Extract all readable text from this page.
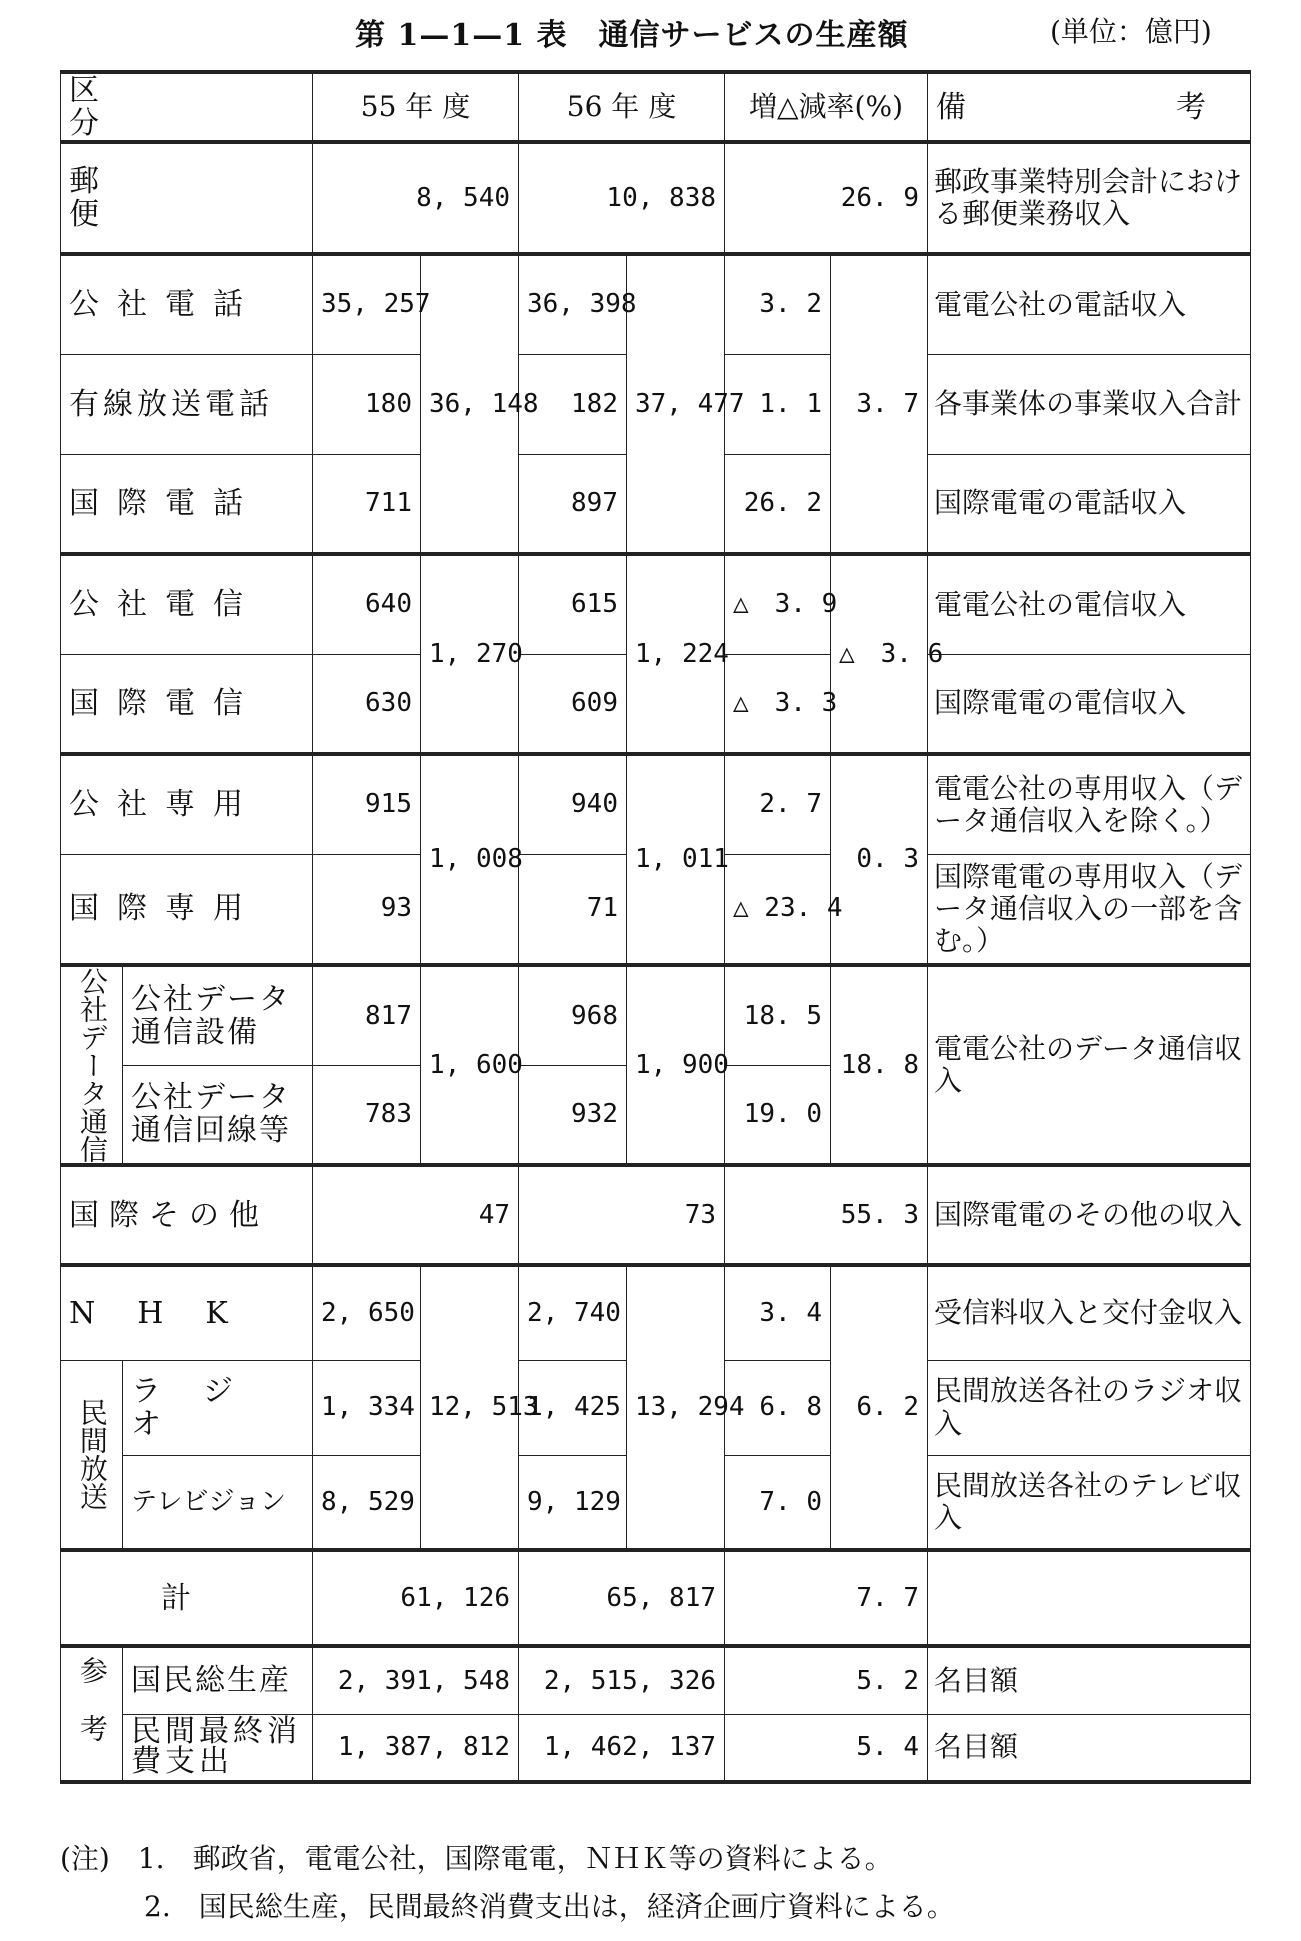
第 1—1—1 表　通信サービスの生産額	(単位：億円)
区　　　　分		55 年 度		56 年 度		増△減率(%)		備　　　　考
郵　便		8, 540		10, 838		26. 9		郵政事業特別会計における郵便業務収入
公社電話		35, 257	36, 148	36, 398	37, 477	3. 2	3. 7	電電公社の電話収入
有線放送電話		180		182		1. 1		各事業体の事業収入合計
国際電話		711		897		26. 2		国際電電の電話収入
公社電信		640	1, 270	615	1, 224	△　3. 9	△　3. 6	電電公社の電信収入
国際電信		630		609		△　3. 3		国際電電の電信収入
公社専用		915	1, 008	940	1, 011	2. 7	0. 3	電電公社の専用収入（データ通信収入を除く。）
国際専用		93		71		△ 23. 4		国際電電の専用収入（データ通信収入の一部を含む。）
公社データ通信	公社データ通信設備	817	1, 600	968	1, 900	18. 5	18. 8	電電公社のデータ通信収入
	公社データ通信回線等	783		932		19. 0		
国際その他		47		73		55. 3		国際電電のその他の収入
N　H　K		2, 650	12, 513	2, 740	13, 294	3. 4	6. 2	受信料収入と交付金収入
民間放送	ラ　ジ　オ	1, 334		1, 425		6. 8		民間放送各社のラジオ収入
	テレビジョン	8, 529		9, 129		7. 0		民間放送各社のテレビ収入
計		61, 126		65, 817		7. 7		
参考	国民総生産	2, 391, 548		2, 515, 326		5. 2		名目額
	民間最終消費支出	1, 387, 812		1, 462, 137		5. 4		名目額
(注)　1.　郵政省，電電公社，国際電電，ＮＨＫ等の資料による。
　　　2.　国民総生産，民間最終消費支出は，経済企画庁資料による。
